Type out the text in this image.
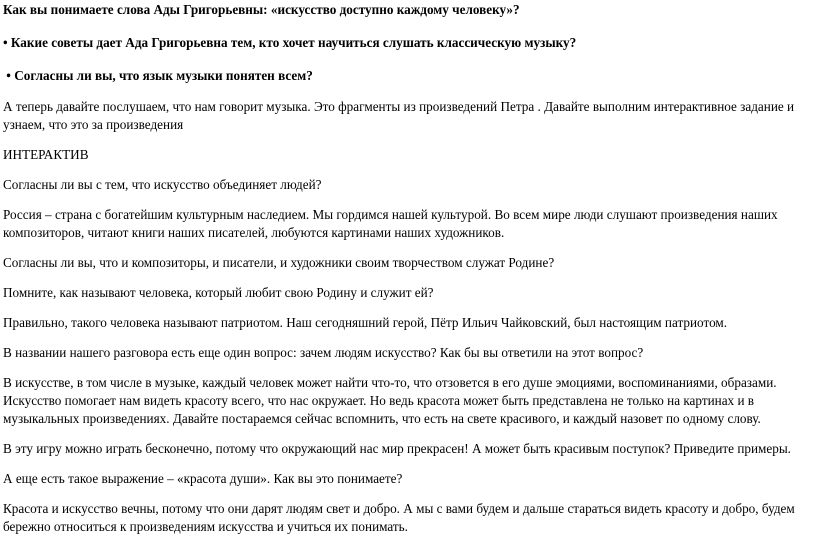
Как вы понимаете слова Ады Григорьевны: «искусство доступно каждому человеку»?

• Какие советы дает Ада Григорьевна тем, кто хочет научиться слушать классическую музыку?

• Согласны ли вы, что язык музыки понятен всем?

А теперь давайте послушаем, что нам говорит музыка. Это фрагменты из произведений Петра . Давайте выполним интерактивное задание и узнаем, что это за произведения

ИНТЕРАКТИВ

Согласны ли вы с тем, что искусство объединяет людей?

Россия – страна с богатейшим культурным наследием. Мы гордимся нашей культурой. Во всем мире люди слушают произведения наших композиторов, читают книги наших писателей, любуются картинами наших художников.

Согласны ли вы, что и композиторы, и писатели, и художники своим творчеством служат Родине?

Помните, как называют человека, который любит свою Родину и служит ей?

Правильно, такого человека называют патриотом. Наш сегодняшний герой, Пётр Ильич Чайковский, был настоящим патриотом.

В названии нашего разговора есть еще один вопрос: зачем людям искусство? Как бы вы ответили на этот вопрос?

В искусстве, в том числе в музыке, каждый человек может найти что-то, что отзовется в его душе эмоциями, воспоминаниями, образами. Искусство помогает нам видеть красоту всего, что нас окружает. Но ведь красота может быть представлена не только на картинах и в музыкальных произведениях. Давайте постараемся сейчас вспомнить, что есть на свете красивого, и каждый назовет по одному слову.

В эту игру можно играть бесконечно, потому что окружающий нас мир прекрасен! А может быть красивым поступок? Приведите примеры.

А еще есть такое выражение – «красота души». Как вы это понимаете?

Красота и искусство вечны, потому что они дарят людям свет и добро. А мы с вами будем и дальше стараться видеть красоту и добро, будем бережно относиться к произведениям искусства и учиться их понимать.
